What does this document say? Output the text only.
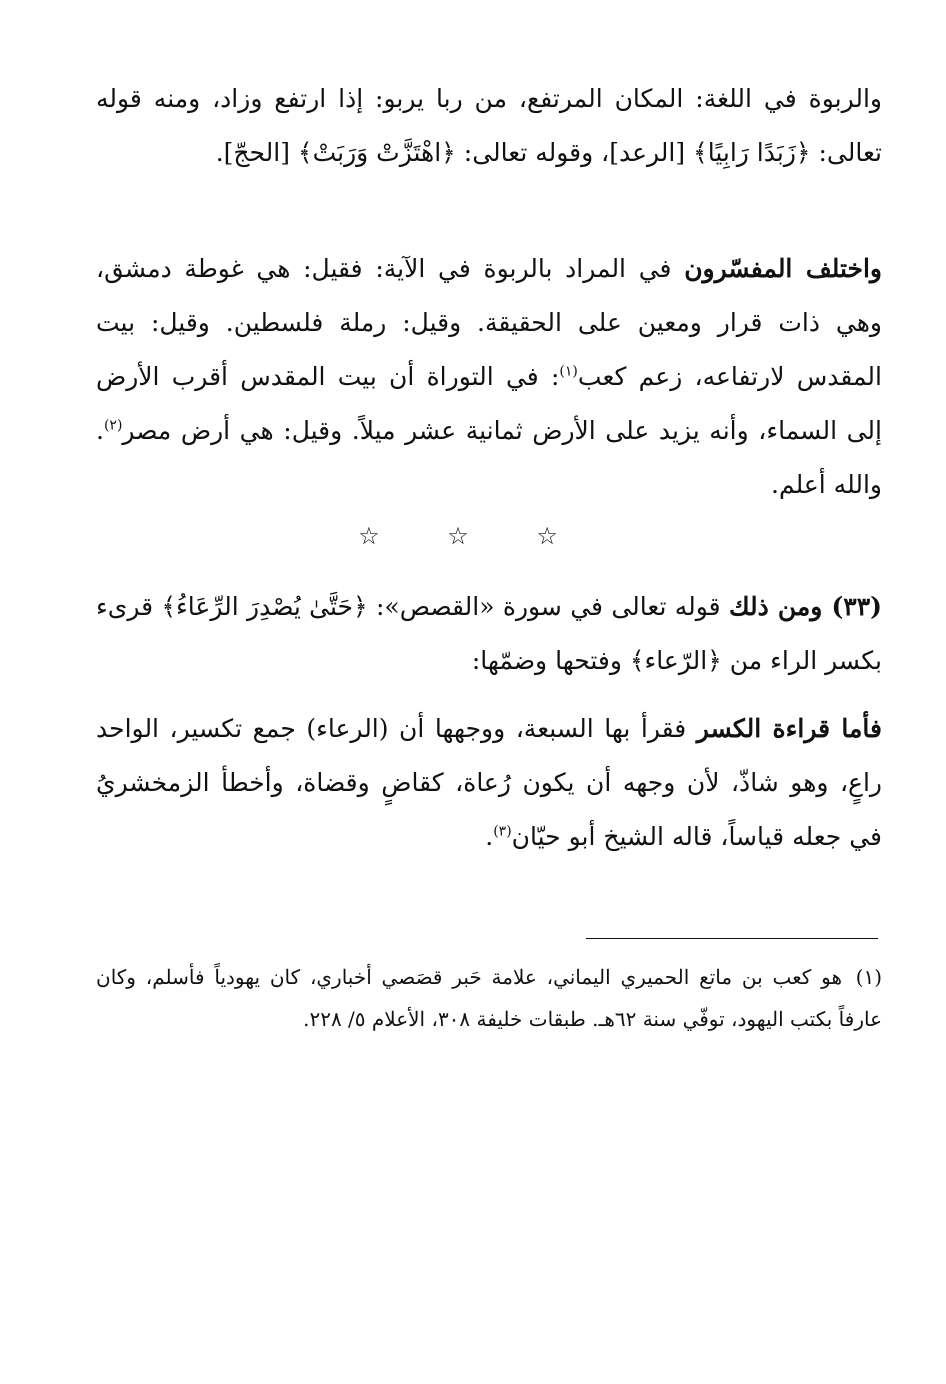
والربوة في اللغة: المكان المرتفع، من ربا يربو: إذا ارتفع وزاد، ومنه قوله تعالى: ﴿زَبَدًا رَابِيًا﴾ [الرعد]، وقوله تعالى: ﴿اهْتَزَّتْ وَرَبَتْ﴾ [الحجّ].
واختلف المفسّرون في المراد بالربوة في الآية: فقيل: هي غوطة دمشق، وهي ذات قرار ومعين على الحقيقة. وقيل: رملة فلسطين. وقيل: بيت المقدس لارتفاعه، زعم كعب$^{(١)}$: في التوراة أن بيت المقدس أقرب الأرض إلى السماء، وأنه يزيد على الأرض ثمانية عشر ميلاً. وقيل: هي أرض مصر$^{(٢)}$. والله أعلم.
☆ ☆ ☆
(٣٣) ومن ذلك قوله تعالى في سورة «القصص»: ﴿حَتَّىٰ يُصْدِرَ الرِّعَاءُ﴾ قرىء بكسر الراء من ﴿الرّعاء﴾ وفتحها وضمّها:
فأما قراءة الكسر فقرأ بها السبعة، ووجهها أن (الرعاء) جمع تكسير، الواحد راعٍ، وهو شاذّ، لأن وجهه أن يكون رُعاة، كقاضٍ وقضاة، وأخطأ الزمخشريُ في جعله قياساً، قاله الشيخ أبو حيّان$^{(٣)}$.
(١)هو كعب بن ماتع الحميري اليماني، علامة حَبر قصَصي أخباري، كان يهودياً فأسلم، وكان عارفاً بكتب اليهود، توفّي سنة ٦٢هـ. طبقات خليفة ٣٠٨، الأعلام ٥/ ٢٢٨.
